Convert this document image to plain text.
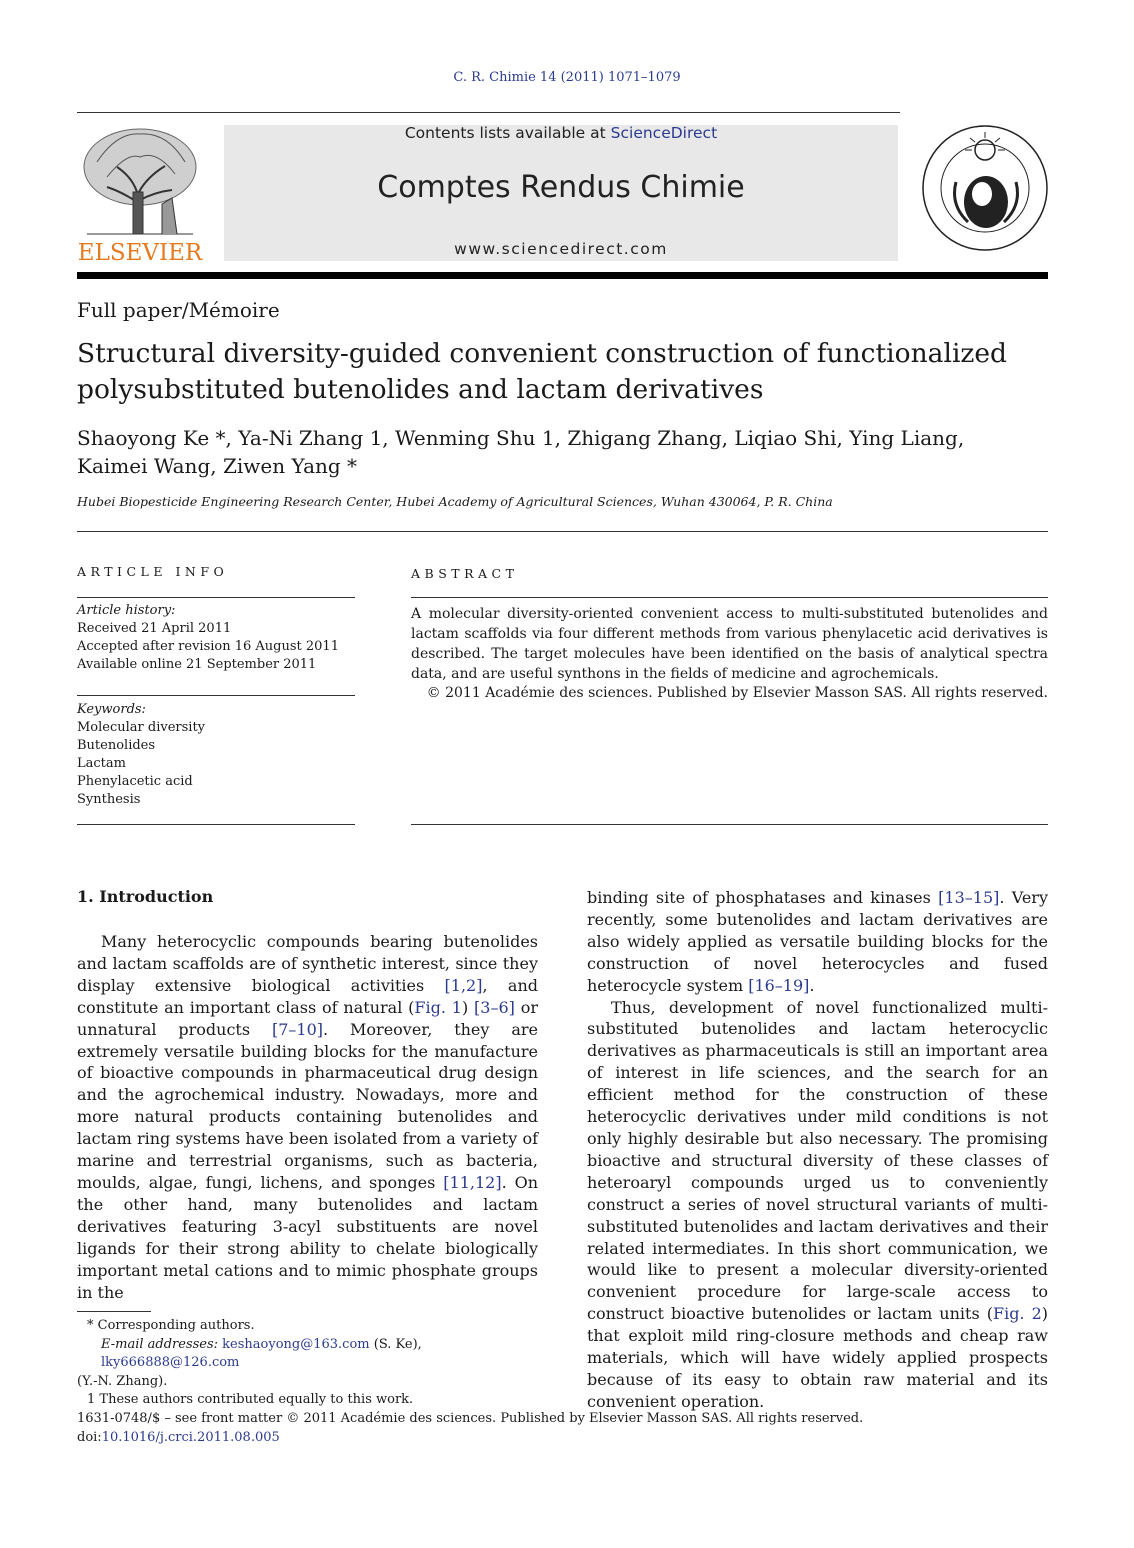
C. R. Chimie 14 (2011) 1071–1079
Contents lists available at ScienceDirect
Comptes Rendus Chimie
www.sciencedirect.com
ELSEVIER
Full paper/Mémoire
Structural diversity-guided convenient construction of functionalized
polysubstituted butenolides and lactam derivatives
Shaoyong Ke *, Ya-Ni Zhang 1, Wenming Shu 1, Zhigang Zhang, Liqiao Shi, Ying Liang,
Kaimei Wang, Ziwen Yang *
Hubei Biopesticide Engineering Research Center, Hubei Academy of Agricultural Sciences, Wuhan 430064, P. R. China
ARTICLE INFO
Article history:
Received 21 April 2011
Accepted after revision 16 August 2011
Available online 21 September 2011
Keywords:
Molecular diversity
Butenolides
Lactam
Phenylacetic acid
Synthesis
ABSTRACT
A molecular diversity-oriented convenient access to multi-substituted butenolides and lactam scaffolds via four different methods from various phenylacetic acid derivatives is described. The target molecules have been identified on the basis of analytical spectra data, and are useful synthons in the fields of medicine and agrochemicals.
© 2011 Académie des sciences. Published by Elsevier Masson SAS. All rights reserved.
1. Introduction
Many heterocyclic compounds bearing butenolides and lactam scaffolds are of synthetic interest, since they display extensive biological activities [1,2], and constitute an important class of natural (Fig. 1) [3–6] or unnatural products [7–10]. Moreover, they are extremely versatile building blocks for the manufacture of bioactive compounds in pharmaceutical drug design and the agrochemical industry. Nowadays, more and more natural products containing butenolides and lactam ring systems have been isolated from a variety of marine and terrestrial organisms, such as bacteria, moulds, algae, fungi, lichens, and sponges [11,12]. On the other hand, many butenolides and lactam derivatives featuring 3-acyl substituents are novel ligands for their strong ability to chelate biologically important metal cations and to mimic phosphate groups in the

binding site of phosphatases and kinases [13–15]. Very recently, some butenolides and lactam derivatives are also widely applied as versatile building blocks for the construction of novel heterocycles and fused heterocycle system [16–19].

Thus, development of novel functionalized multi-substituted butenolides and lactam heterocyclic derivatives as pharmaceuticals is still an important area of interest in life sciences, and the search for an efficient method for the construction of these heterocyclic derivatives under mild conditions is not only highly desirable but also necessary. The promising bioactive and structural diversity of these classes of heteroaryl compounds urged us to conveniently construct a series of novel structural variants of multi-substituted butenolides and lactam derivatives and their related intermediates. In this short communication, we would like to present a molecular diversity-oriented convenient procedure for large-scale access to construct bioactive butenolides or lactam units (Fig. 2) that exploit mild ring-closure methods and cheap raw materials, which will have widely applied prospects because of its easy to obtain raw material and its convenient operation.

* Corresponding authors.
E-mail addresses: keshaoyong@163.com (S. Ke), lky666888@126.com
(Y.-N. Zhang).
1 These authors contributed equally to this work.
1631-0748/$ – see front matter © 2011 Académie des sciences. Published by Elsevier Masson SAS. All rights reserved.
doi:10.1016/j.crci.2011.08.005
